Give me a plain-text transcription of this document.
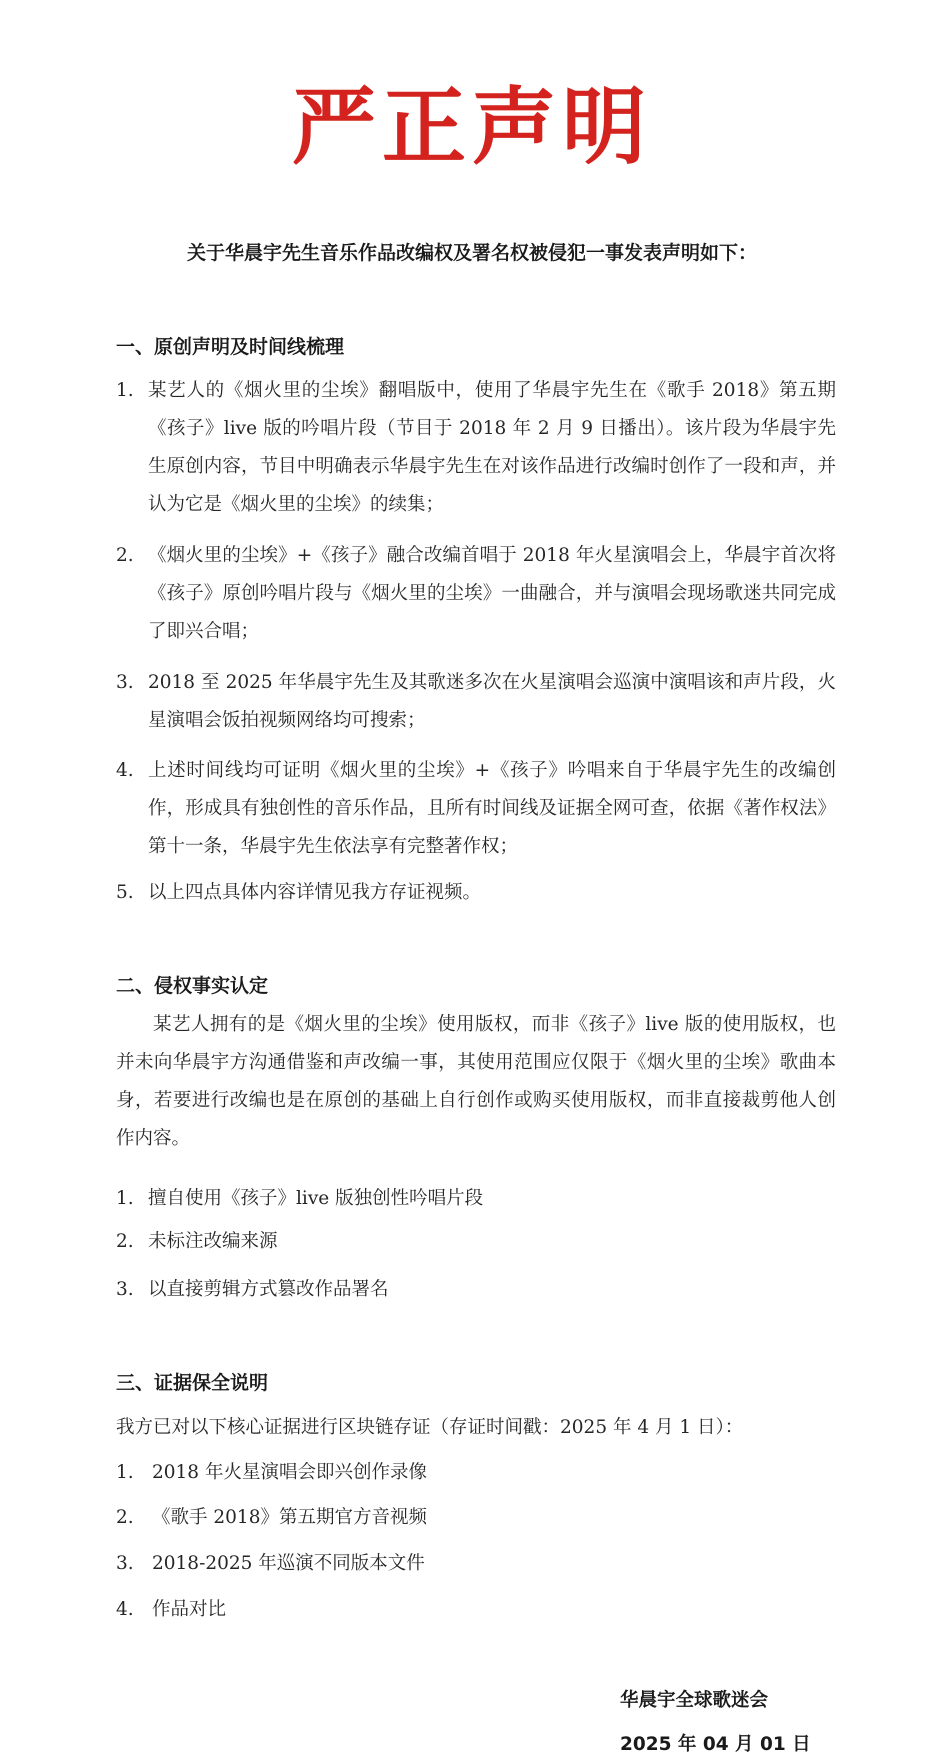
严正声明
关于华晨宇先生音乐作品改编权及署名权被侵犯一事发表声明如下：
一、原创声明及时间线梳理
1. 某艺人的《烟火里的尘埃》翻唱版中，使用了华晨宇先生在《歌手 2018》第五期《孩子》live 版的吟唱片段（节目于 2018 年 2 月 9 日播出）。该片段为华晨宇先生原创内容，节目中明确表示华晨宇先生在对该作品进行改编时创作了一段和声，并认为它是《烟火里的尘埃》的续集；
2. 《烟火里的尘埃》+《孩子》融合改编首唱于 2018 年火星演唱会上，华晨宇首次将《孩子》原创吟唱片段与《烟火里的尘埃》一曲融合，并与演唱会现场歌迷共同完成了即兴合唱；
3. 2018 至 2025 年华晨宇先生及其歌迷多次在火星演唱会巡演中演唱该和声片段，火星演唱会饭拍视频网络均可搜索；
4. 上述时间线均可证明《烟火里的尘埃》+《孩子》吟唱来自于华晨宇先生的改编创作，形成具有独创性的音乐作品，且所有时间线及证据全网可查，依据《著作权法》第十一条，华晨宇先生依法享有完整著作权；
5. 以上四点具体内容详情见我方存证视频。
二、侵权事实认定
某艺人拥有的是《烟火里的尘埃》使用版权，而非《孩子》live 版的使用版权，也并未向华晨宇方沟通借鉴和声改编一事，其使用范围应仅限于《烟火里的尘埃》歌曲本身，若要进行改编也是在原创的基础上自行创作或购买使用版权，而非直接裁剪他人创作内容。
1. 擅自使用《孩子》live 版独创性吟唱片段
2. 未标注改编来源
3. 以直接剪辑方式篡改作品署名
三、证据保全说明
我方已对以下核心证据进行区块链存证（存证时间戳：2025 年 4 月 1 日）：
1. 2018 年火星演唱会即兴创作录像
2. 《歌手 2018》第五期官方音视频
3. 2018-2025 年巡演不同版本文件
4. 作品对比
华晨宇全球歌迷会
2025 年 04 月 01 日
